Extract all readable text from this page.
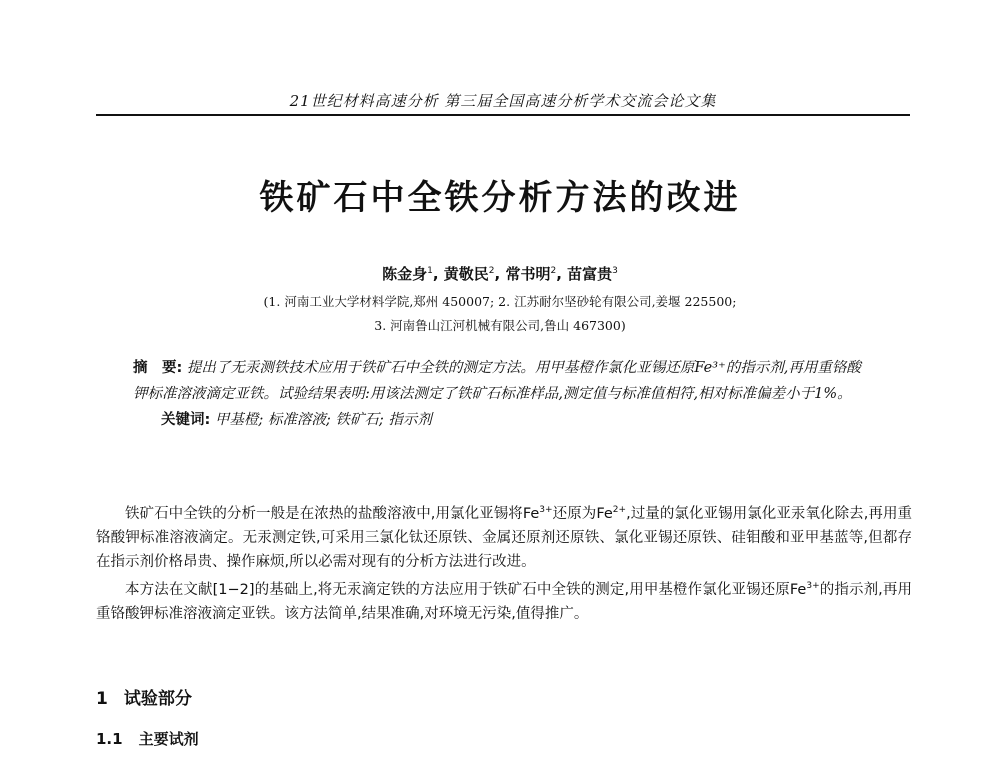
21世纪材料高速分析 第三届全国高速分析学术交流会论文集
铁矿石中全铁分析方法的改进
陈金身$^1$, 黄敬民$^2$, 常书明$^2$, 苗富贵$^3$
(1. 河南工业大学材料学院,郑州 450007; 2. 江苏耐尔坚砂轮有限公司,姜堰 225500;
3. 河南鲁山江河机械有限公司,鲁山 467300)

摘　要: 提出了无汞测铁技术应用于铁矿石中全铁的测定方法。用甲基橙作氯化亚锡还原Fe³⁺的指示剂,再用重铬酸钾标准溶液滴定亚铁。试验结果表明:用该法测定了铁矿石标准样品,测定值与标准值相符,相对标准偏差小于1%。

关键词: 甲基橙; 标准溶液; 铁矿石; 指示剂

铁矿石中全铁的分析一般是在浓热的盐酸溶液中,用氯化亚锡将$Fe^{3+}$还原为$Fe^{2+}$,过量的氯化亚锡用氯化亚汞氧化除去,再用重铬酸钾标准溶液滴定。无汞测定铁,可采用三氯化钛还原铁、金属还原剂还原铁、氯化亚锡还原铁、硅钼酸和亚甲基蓝等,但都存在指示剂价格昂贵、操作麻烦,所以必需对现有的分析方法进行改进。

本方法在文献[1−2]的基础上,将无汞滴定铁的方法应用于铁矿石中全铁的测定,用甲基橙作氯化亚锡还原$Fe^{3+}$的指示剂,再用重铬酸钾标准溶液滴定亚铁。该方法简单,结果准确,对环境无污染,值得推广。

1 试验部分
1.1 主要试剂
